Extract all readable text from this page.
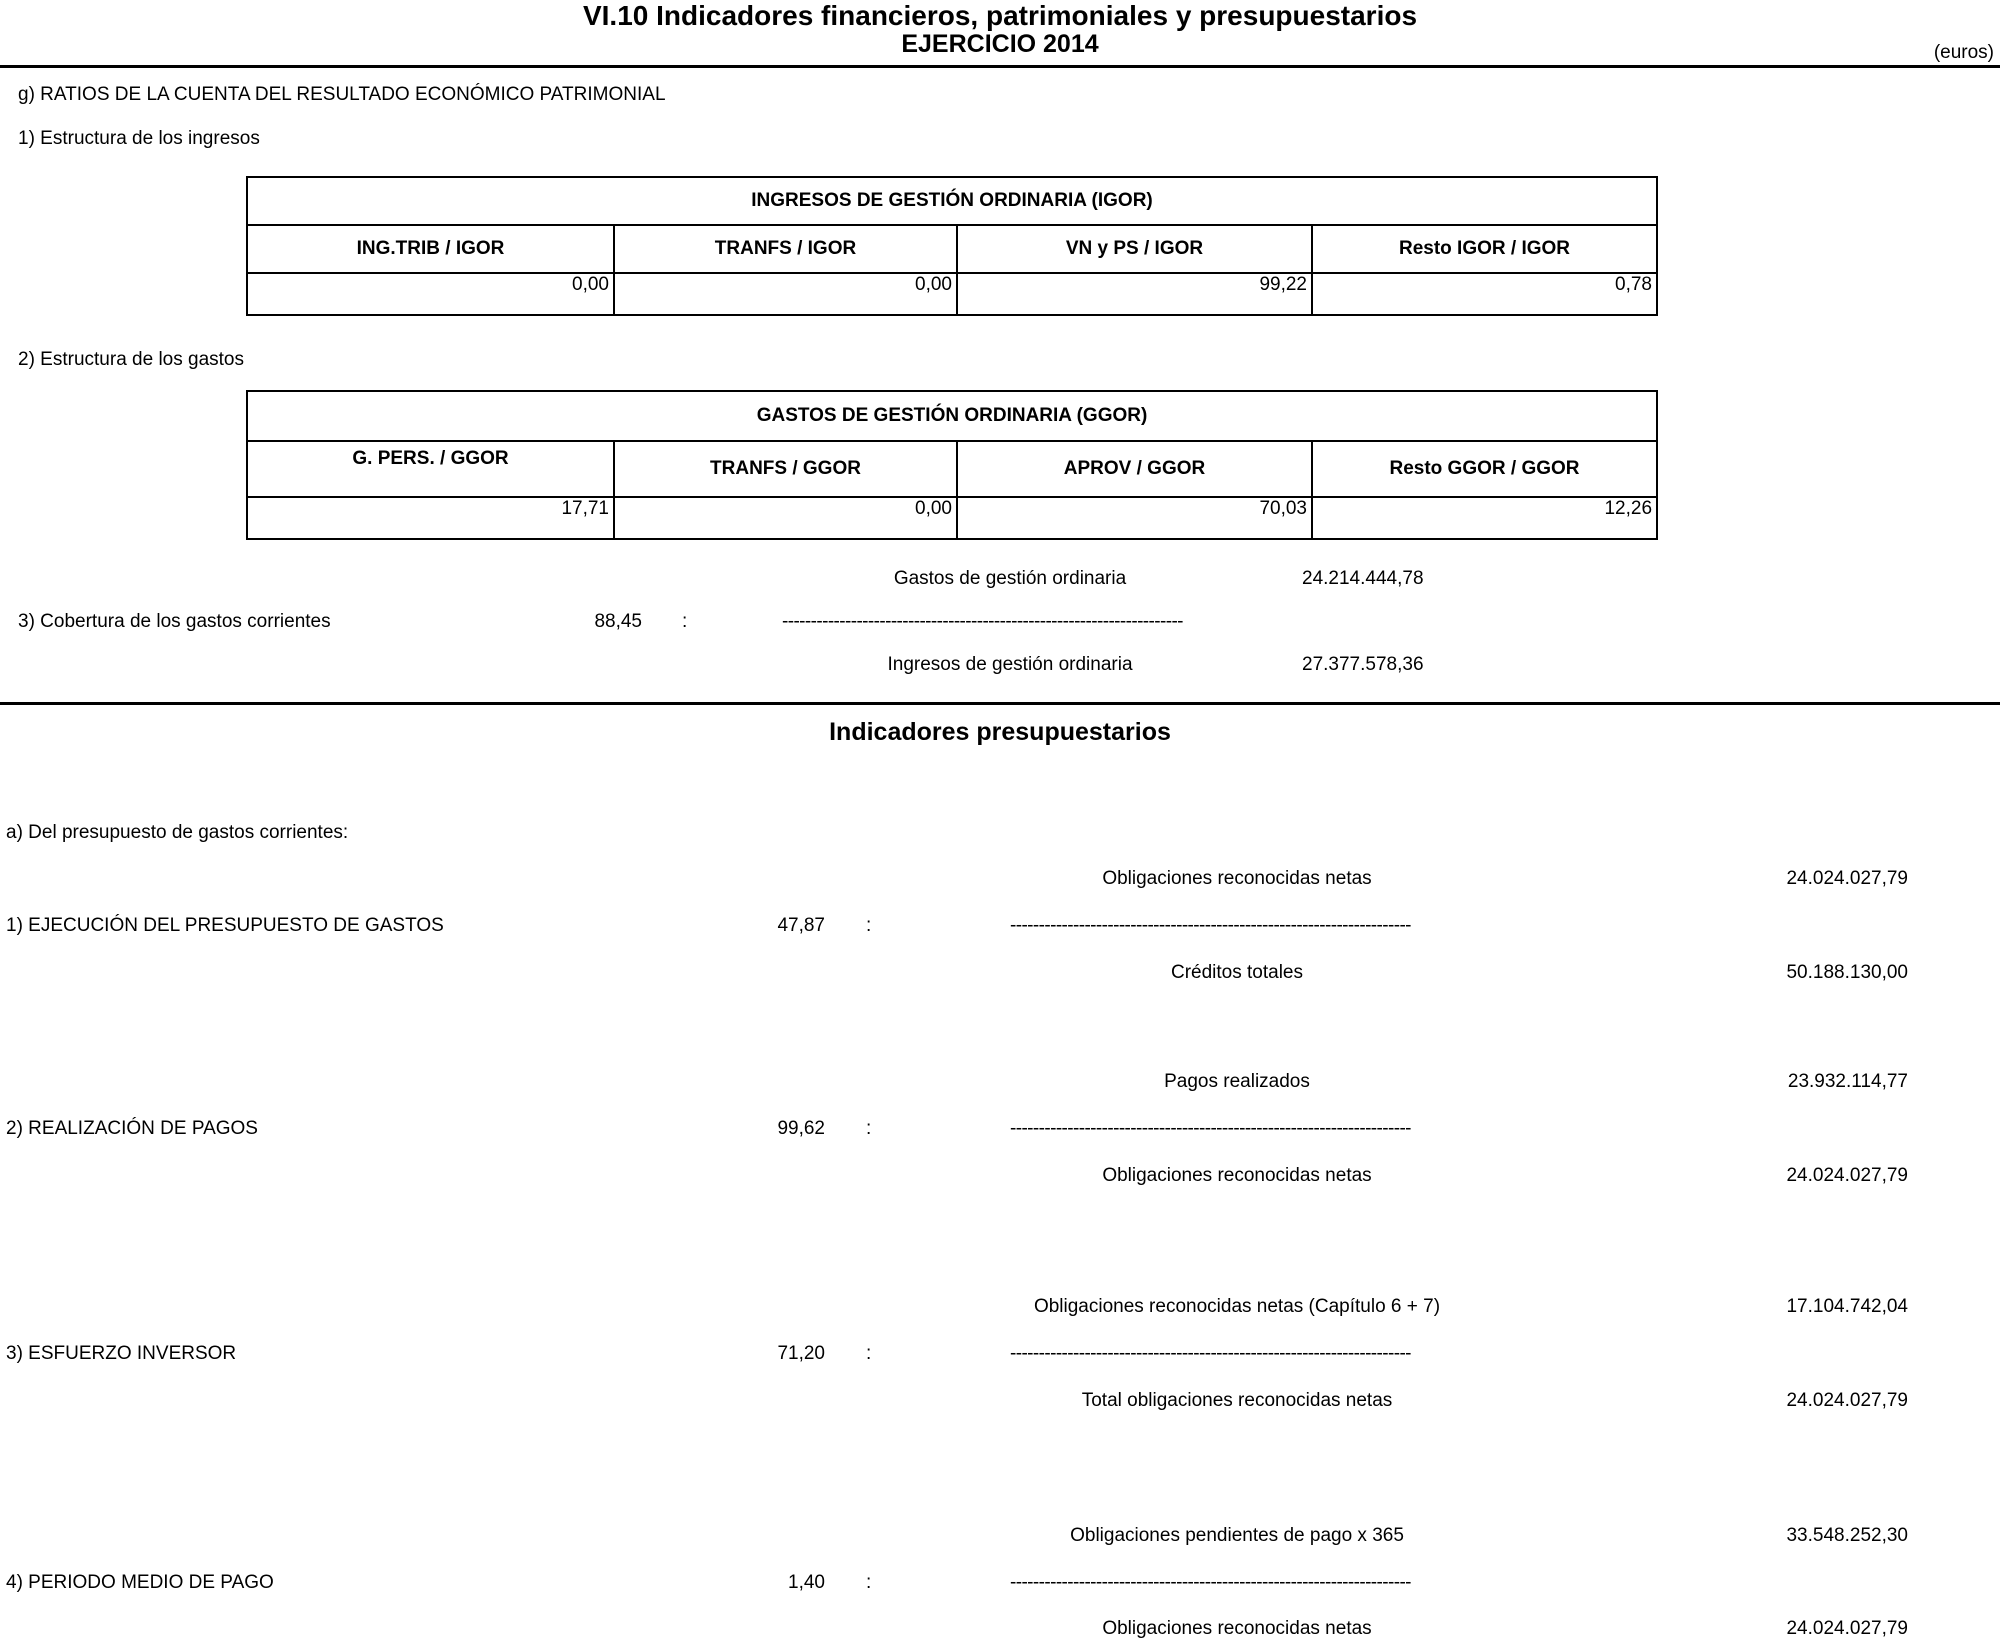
VI.10 Indicadores financieros, patrimoniales y presupuestarios
EJERCICIO 2014	(euros)
g) RATIOS DE LA CUENTA DEL RESULTADO ECONÓMICO PATRIMONIAL
1) Estructura de los ingresos
INGRESOS DE GESTIÓN ORDINARIA (IGOR)			
ING.TRIB / IGOR	TRANFS / IGOR	VN y PS / IGOR	Resto IGOR / IGOR
0,00	0,00	99,22	0,78
2) Estructura de los gastos
GASTOS DE GESTIÓN ORDINARIA (GGOR)			
G. PERS. / GGOR	TRANFS / GGOR	APROV / GGOR	Resto GGOR / GGOR
17,71	0,00	70,03	12,26
Gastos de gestión ordinaria	24.214.444,78
3) Cobertura de los gastos corrientes	88,45 :	----------------------------------------------------------------------
Ingresos de gestión ordinaria	27.377.578,36
Indicadores presupuestarios
a) Del presupuesto de gastos corrientes:
Obligaciones reconocidas netas	24.024.027,79
1) EJECUCIÓN DEL PRESUPUESTO DE GASTOS	47,87 :	----------------------------------------------------------------------
Créditos totales	50.188.130,00
Pagos realizados	23.932.114,77
2) REALIZACIÓN DE PAGOS	99,62 :	----------------------------------------------------------------------
Obligaciones reconocidas netas	24.024.027,79
Obligaciones reconocidas netas (Capítulo 6 + 7)	17.104.742,04
3) ESFUERZO INVERSOR	71,20 :	----------------------------------------------------------------------
Total obligaciones reconocidas netas	24.024.027,79
Obligaciones pendientes de pago x 365	33.548.252,30
4) PERIODO MEDIO DE PAGO	1,40 :	----------------------------------------------------------------------
Obligaciones reconocidas netas	24.024.027,79
